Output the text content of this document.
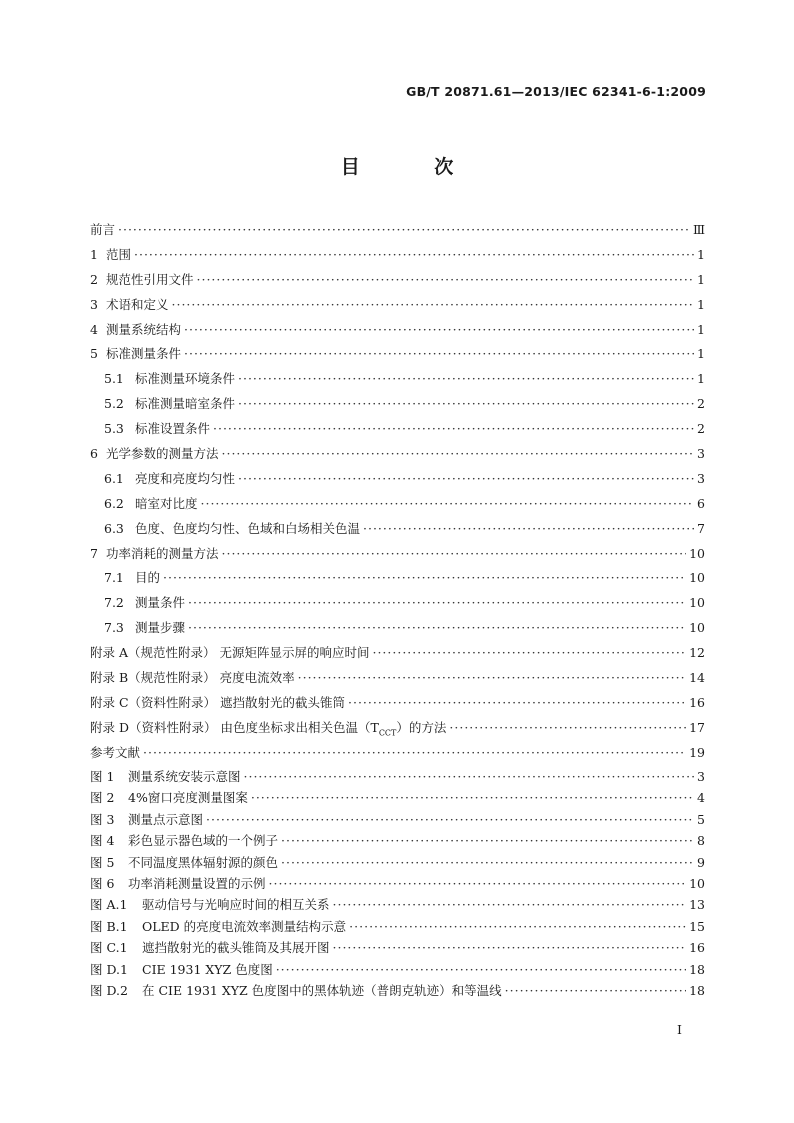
GB/T 20871.61—2013/IEC 62341-6-1:2009
目 次
前言 ·····	Ⅲ
1 范围 ·····	1
2 规范性引用文件 ·····	1
3 术语和定义 ·····	1
4 测量系统结构 ·····	1
5 标准测量条件 ·····	1
5.1 标准测量环境条件 ·····	1
5.2 标准测量暗室条件 ·····	2
5.3 标准设置条件 ·····	2
6 光学参数的测量方法 ·····	3
6.1 亮度和亮度均匀性 ·····	3
6.2 暗室对比度 ·····	6
6.3 色度、色度均匀性、色域和白场相关色温 ·····	7
7 功率消耗的测量方法 ·····	10
7.1 目的 ·····	10
7.2 测量条件 ·····	10
7.3 测量步骤 ·····	10
附录 A（规范性附录） 无源矩阵显示屏的响应时间 ·····	12
附录 B（规范性附录） 亮度电流效率 ·····	14
附录 C（资料性附录） 遮挡散射光的截头锥筒 ·····	16
附录 D（资料性附录） 由色度坐标求出相关色温$(T_{CCT})$的方法 ·····	17
参考文献 ·····	19
图 1 测量系统安装示意图 ·····	3
图 2 4%窗口亮度测量图案 ·····	4
图 3 测量点示意图 ·····	5
图 4 彩色显示器色域的一个例子 ·····	8
图 5 不同温度黑体辐射源的颜色 ·····	9
图 6 功率消耗测量设置的示例 ·····	10
图 A.1 驱动信号与光响应时间的相互关系 ·····	13
图 B.1 OLED 的亮度电流效率测量结构示意 ·····	15
图 C.1 遮挡散射光的截头锥筒及其展开图 ·····	16
图 D.1 CIE 1931 XYZ 色度图 ·····	18
图 D.2 在 CIE 1931 XYZ 色度图中的黑体轨迹（普朗克轨迹）和等温线 ·····	18
I
